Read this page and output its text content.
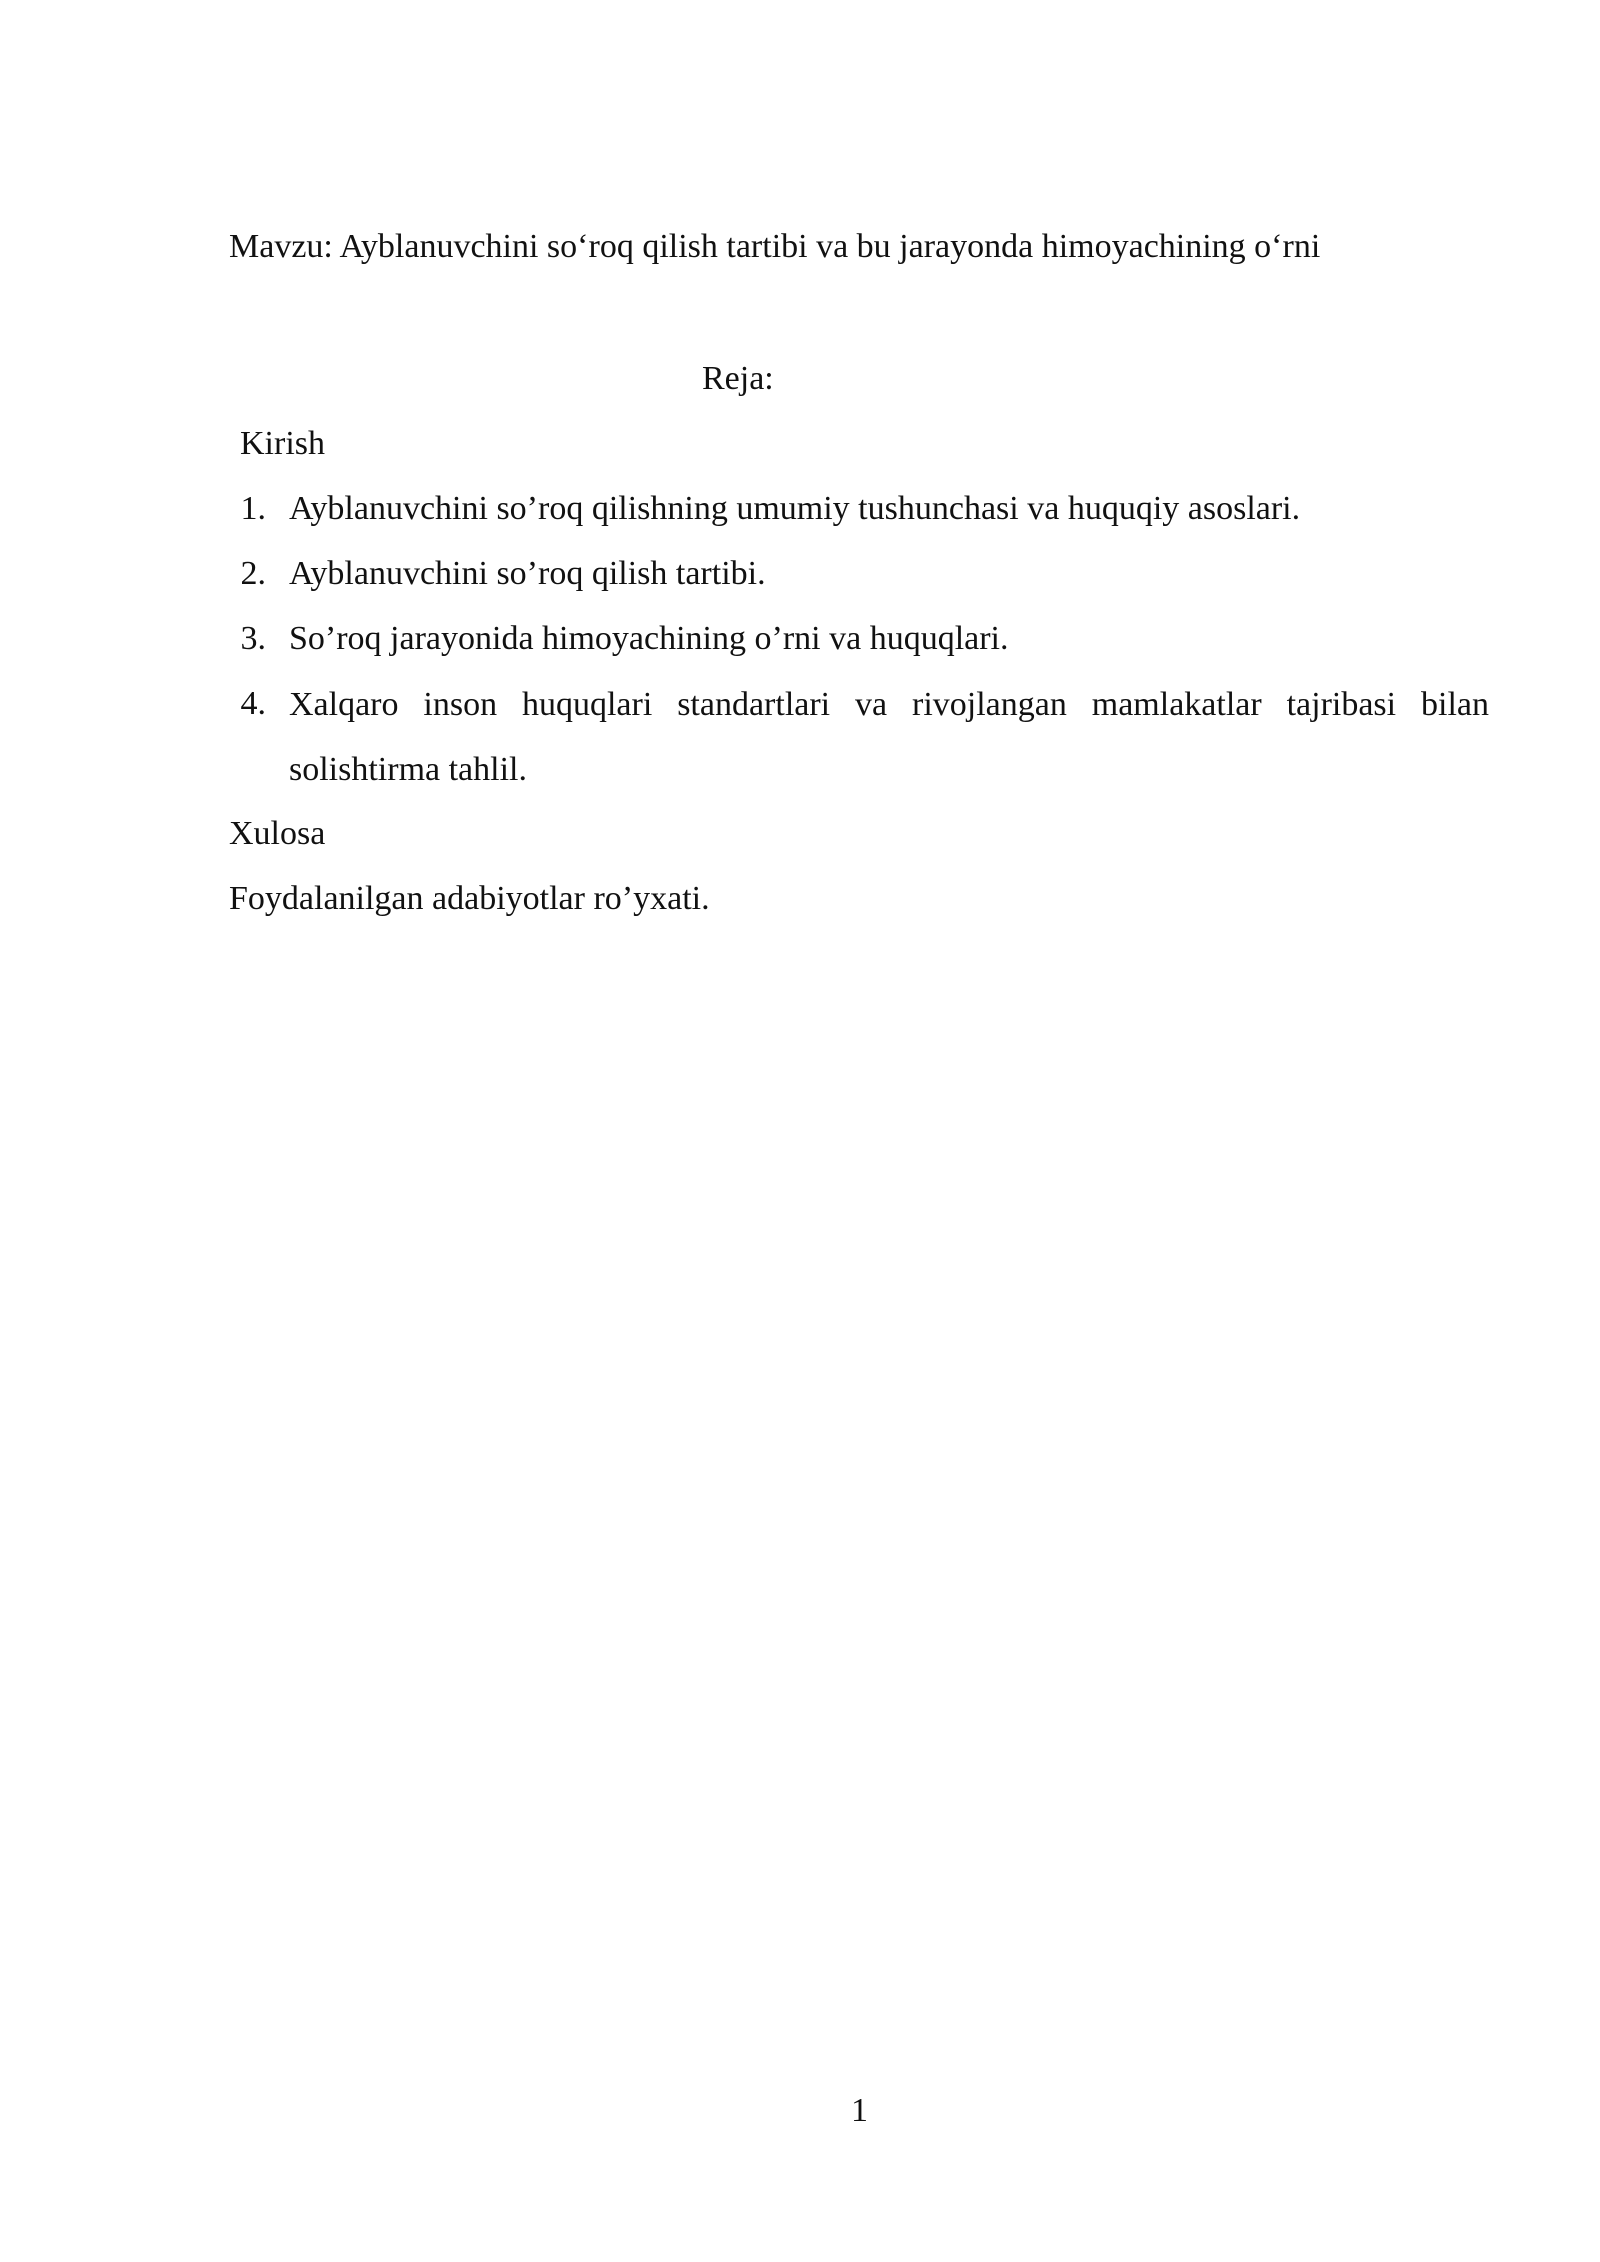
Mavzu: Ayblanuvchini so‘roq qilish tartibi va bu jarayonda himoyachining o‘rni
Reja:
Kirish
1. Ayblanuvchini so’roq qilishning umumiy tushunchasi va huquqiy asoslari.
2. Ayblanuvchini so’roq qilish tartibi.
3. So’roq jarayonida himoyachining o’rni va huquqlari.
4. Xalqaro inson huquqlari standartlari va rivojlangan mamlakatlar tajribasi bilan
solishtirma tahlil.
Xulosa
Foydalanilgan adabiyotlar ro’yxati.
1
